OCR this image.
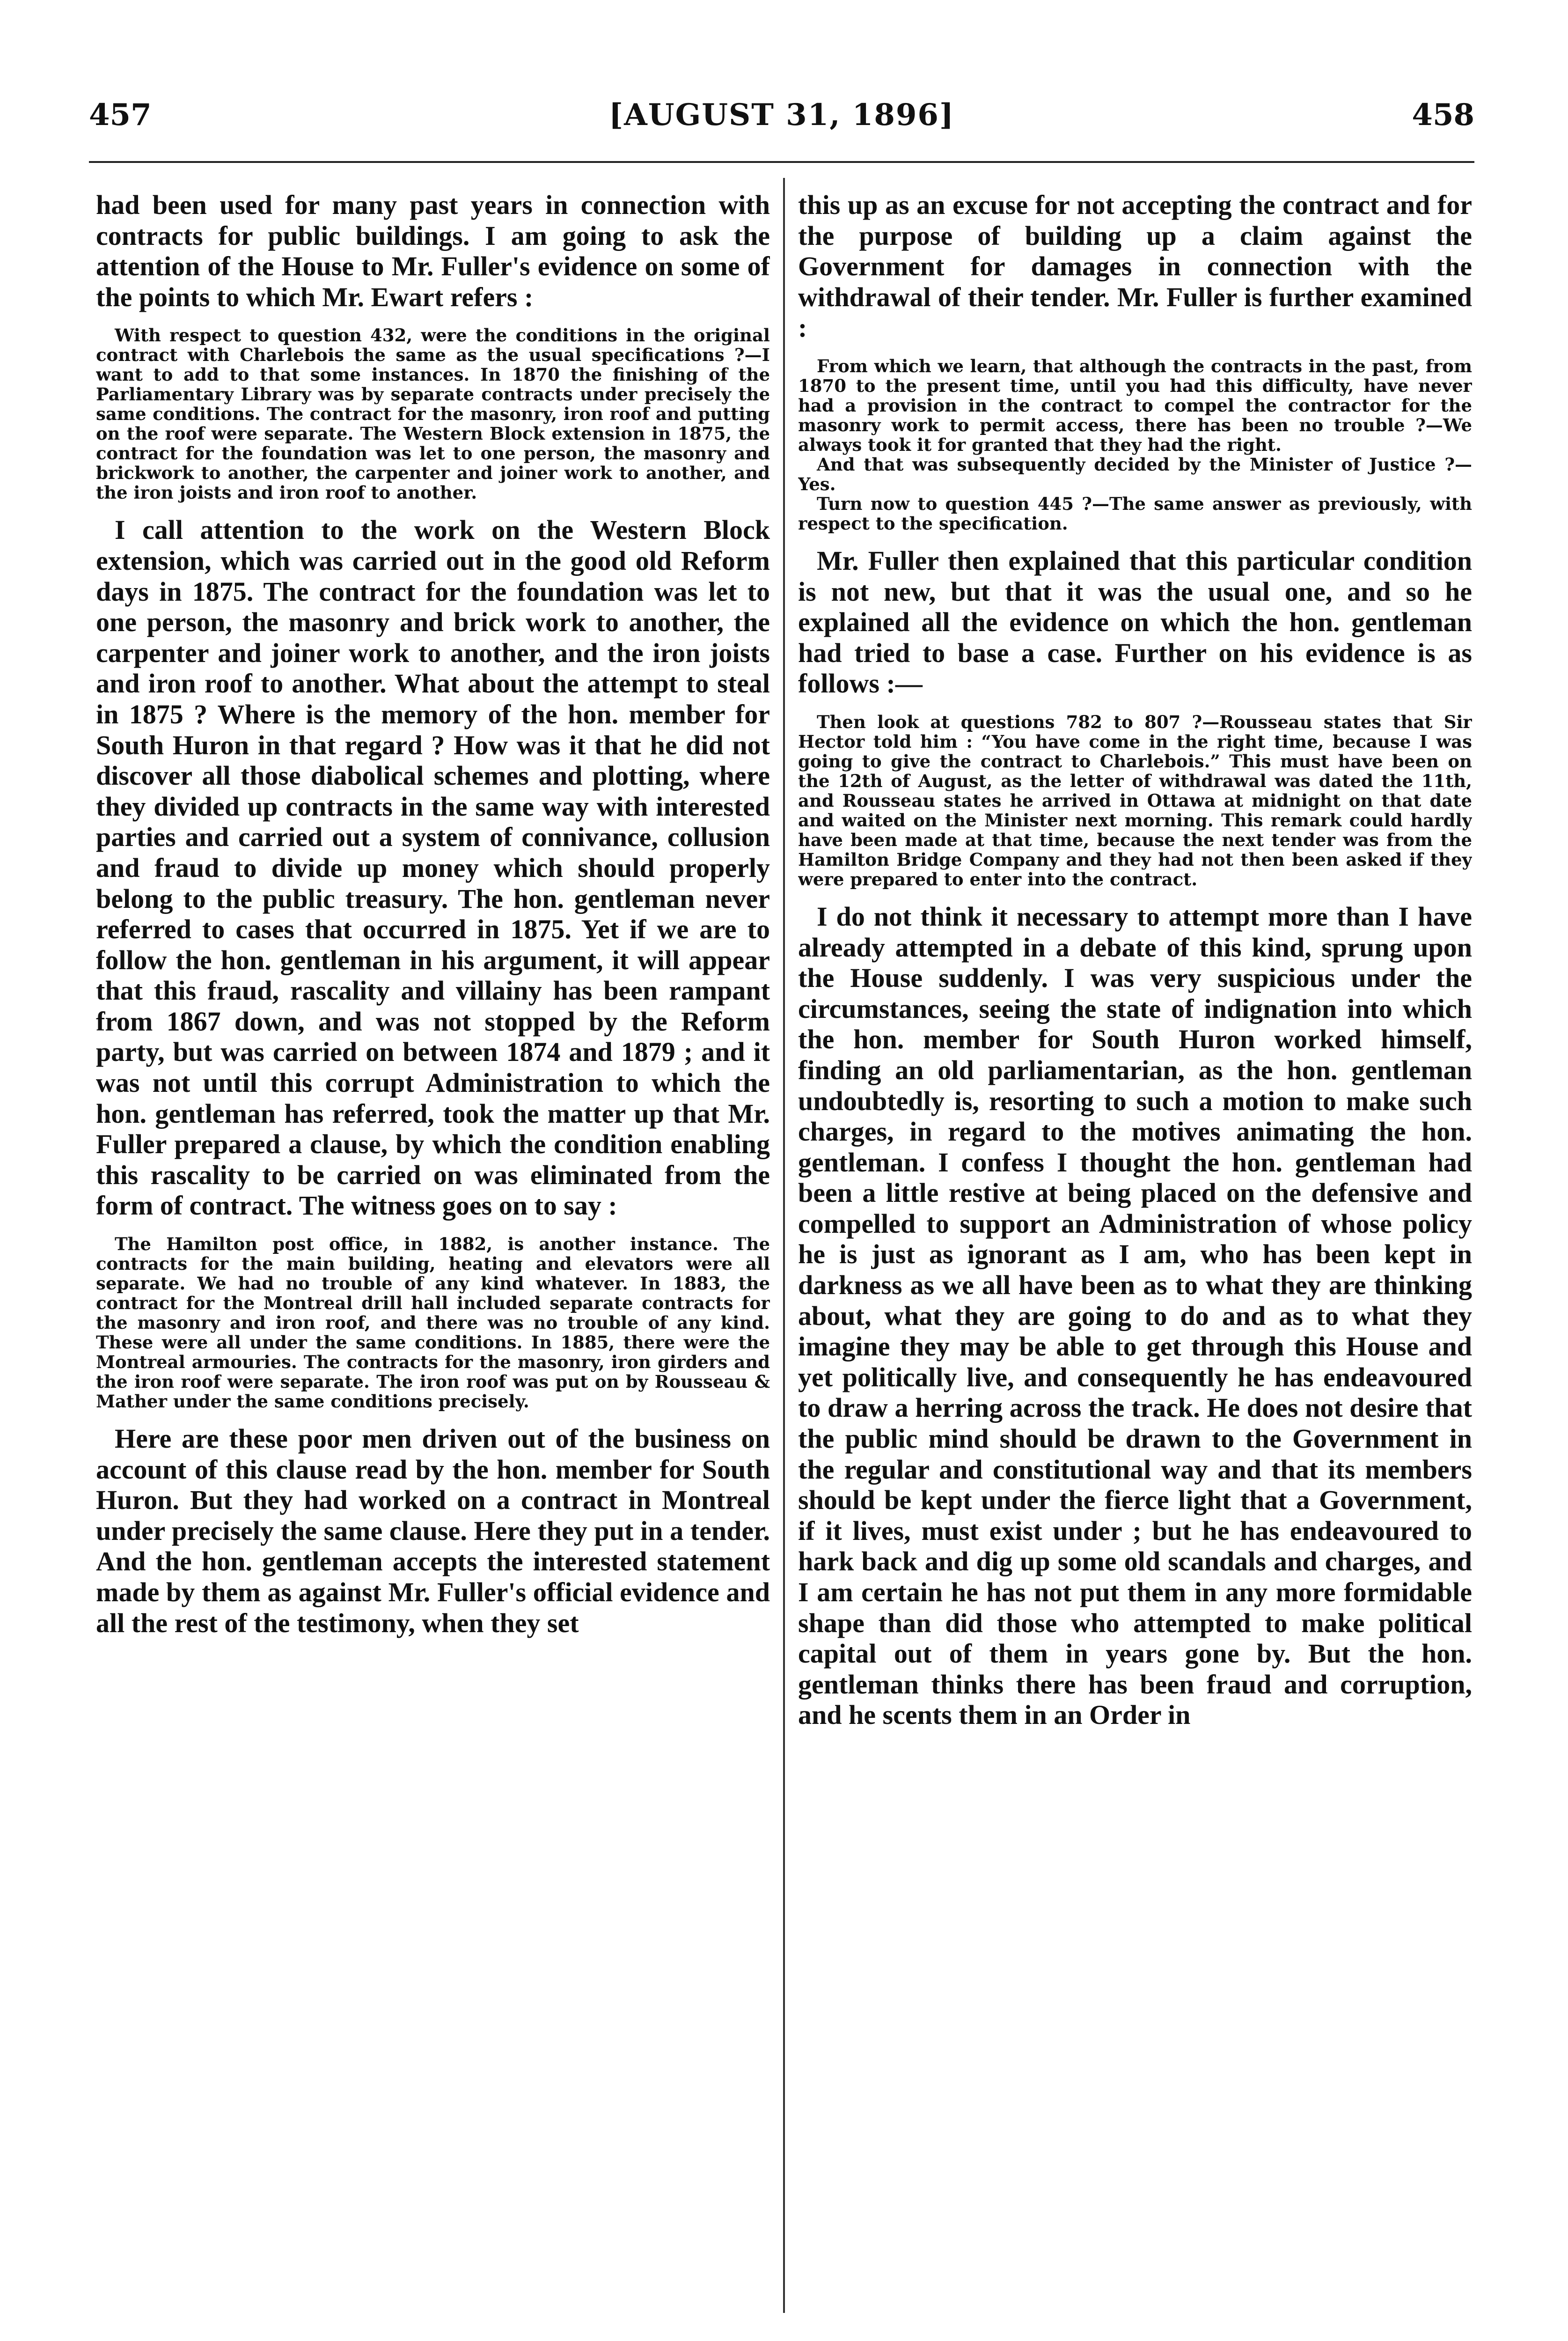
457	[AUGUST 31, 1896]	458

had been used for many past years in connection with contracts for public buildings. I am going to ask the attention of the House to Mr. Fuller's evidence on some of the points to which Mr. Ewart refers :

With respect to question 432, were the conditions in the original contract with Charlebois the same as the usual specifications ?—I want to add to that some instances. In 1870 the finishing of the Parliamentary Library was by separate contracts under precisely the same conditions. The contract for the masonry, iron roof and putting on the roof were separate. The Western Block extension in 1875, the contract for the foundation was let to one person, the masonry and brickwork to another, the carpenter and joiner work to another, and the iron joists and iron roof to another.

I call attention to the work on the Western Block extension, which was carried out in the good old Reform days in 1875. The contract for the foundation was let to one person, the masonry and brick work to another, the carpenter and joiner work to another, and the iron joists and iron roof to another. What about the attempt to steal in 1875 ? Where is the memory of the hon. member for South Huron in that regard ? How was it that he did not discover all those diabolical schemes and plotting, where they divided up contracts in the same way with interested parties and carried out a system of connivance, collusion and fraud to divide up money which should properly belong to the public treasury. The hon. gentleman never referred to cases that occurred in 1875. Yet if we are to follow the hon. gentleman in his argument, it will appear that this fraud, rascality and villainy has been rampant from 1867 down, and was not stopped by the Reform party, but was carried on between 1874 and 1879 ; and it was not until this corrupt Administration to which the hon. gentleman has referred, took the matter up that Mr. Fuller prepared a clause, by which the condition enabling this rascality to be carried on was eliminated from the form of contract. The witness goes on to say :

The Hamilton post office, in 1882, is another instance. The contracts for the main building, heating and elevators were all separate. We had no trouble of any kind whatever. In 1883, the contract for the Montreal drill hall included separate contracts for the masonry and iron roof, and there was no trouble of any kind. These were all under the same conditions. In 1885, there were the Montreal armouries. The contracts for the masonry, iron girders and the iron roof were separate. The iron roof was put on by Rousseau & Mather under the same conditions precisely.

Here are these poor men driven out of the business on account of this clause read by the hon. member for South Huron. But they had worked on a contract in Montreal under precisely the same clause. Here they put in a tender. And the hon. gentleman accepts the interested statement made by them as against Mr. Fuller's official evidence and all the rest of the testimony, when they set

this up as an excuse for not accepting the contract and for the purpose of building up a claim against the Government for damages in connection with the withdrawal of their tender. Mr. Fuller is further examined :

From which we learn, that although the contracts in the past, from 1870 to the present time, until you had this difficulty, have never had a provision in the contract to compel the contractor for the masonry work to permit access, there has been no trouble ?—We always took it for granted that they had the right.
And that was subsequently decided by the Minister of Justice ?—Yes.
Turn now to question 445 ?—The same answer as previously, with respect to the specification.

Mr. Fuller then explained that this particular condition is not new, but that it was the usual one, and so he explained all the evidence on which the hon. gentleman had tried to base a case. Further on his evidence is as follows :—

Then look at questions 782 to 807 ?—Rousseau states that Sir Hector told him : “You have come in the right time, because I was going to give the contract to Charlebois.” This must have been on the 12th of August, as the letter of withdrawal was dated the 11th, and Rousseau states he arrived in Ottawa at midnight on that date and waited on the Minister next morning. This remark could hardly have been made at that time, because the next tender was from the Hamilton Bridge Company and they had not then been asked if they were prepared to enter into the contract.

I do not think it necessary to attempt more than I have already attempted in a debate of this kind, sprung upon the House suddenly. I was very suspicious under the circumstances, seeing the state of indignation into which the hon. member for South Huron worked himself, finding an old parliamentarian, as the hon. gentleman undoubtedly is, resorting to such a motion to make such charges, in regard to the motives animating the hon. gentleman. I confess I thought the hon. gentleman had been a little restive at being placed on the defensive and compelled to support an Administration of whose policy he is just as ignorant as I am, who has been kept in darkness as we all have been as to what they are thinking about, what they are going to do and as to what they imagine they may be able to get through this House and yet politically live, and consequently he has endeavoured to draw a herring across the track. He does not desire that the public mind should be drawn to the Government in the regular and constitutional way and that its members should be kept under the fierce light that a Government, if it lives, must exist under ; but he has endeavoured to hark back and dig up some old scandals and charges, and I am certain he has not put them in any more formidable shape than did those who attempted to make political capital out of them in years gone by. But the hon. gentleman thinks there has been fraud and corruption, and he scents them in an Order in
